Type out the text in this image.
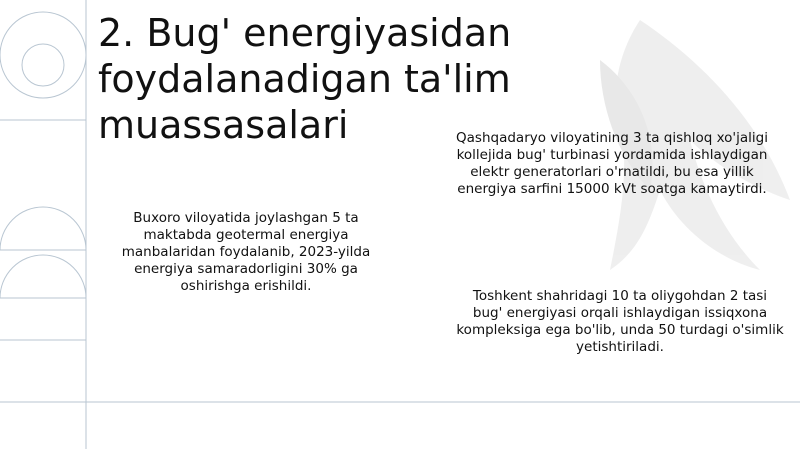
2. Bug' energiyasidan
foydalanadigan ta'lim
muassasalari	Qashqadaryo viloyatining 3 ta qishloq xo'jaligi
kollejida bug' turbinasi yordamida ishlaydigan
elektr generatorlari o'rnatildi, bu esa yillik
energiya sarfini 15000 kVt soatga kamaytirdi.

Buxoro viloyatida joylashgan 5 ta
maktabda geotermal energiya
manbalaridan foydalanib, 2023-yilda
energiya samaradorligini 30% ga
oshirishga erishildi.

Toshkent shahridagi 10 ta oliygohdan 2 tasi
bug' energiyasi orqali ishlaydigan issiqxona
kompleksiga ega bo'lib, unda 50 turdagi o'simlik
yetishtiriladi.
